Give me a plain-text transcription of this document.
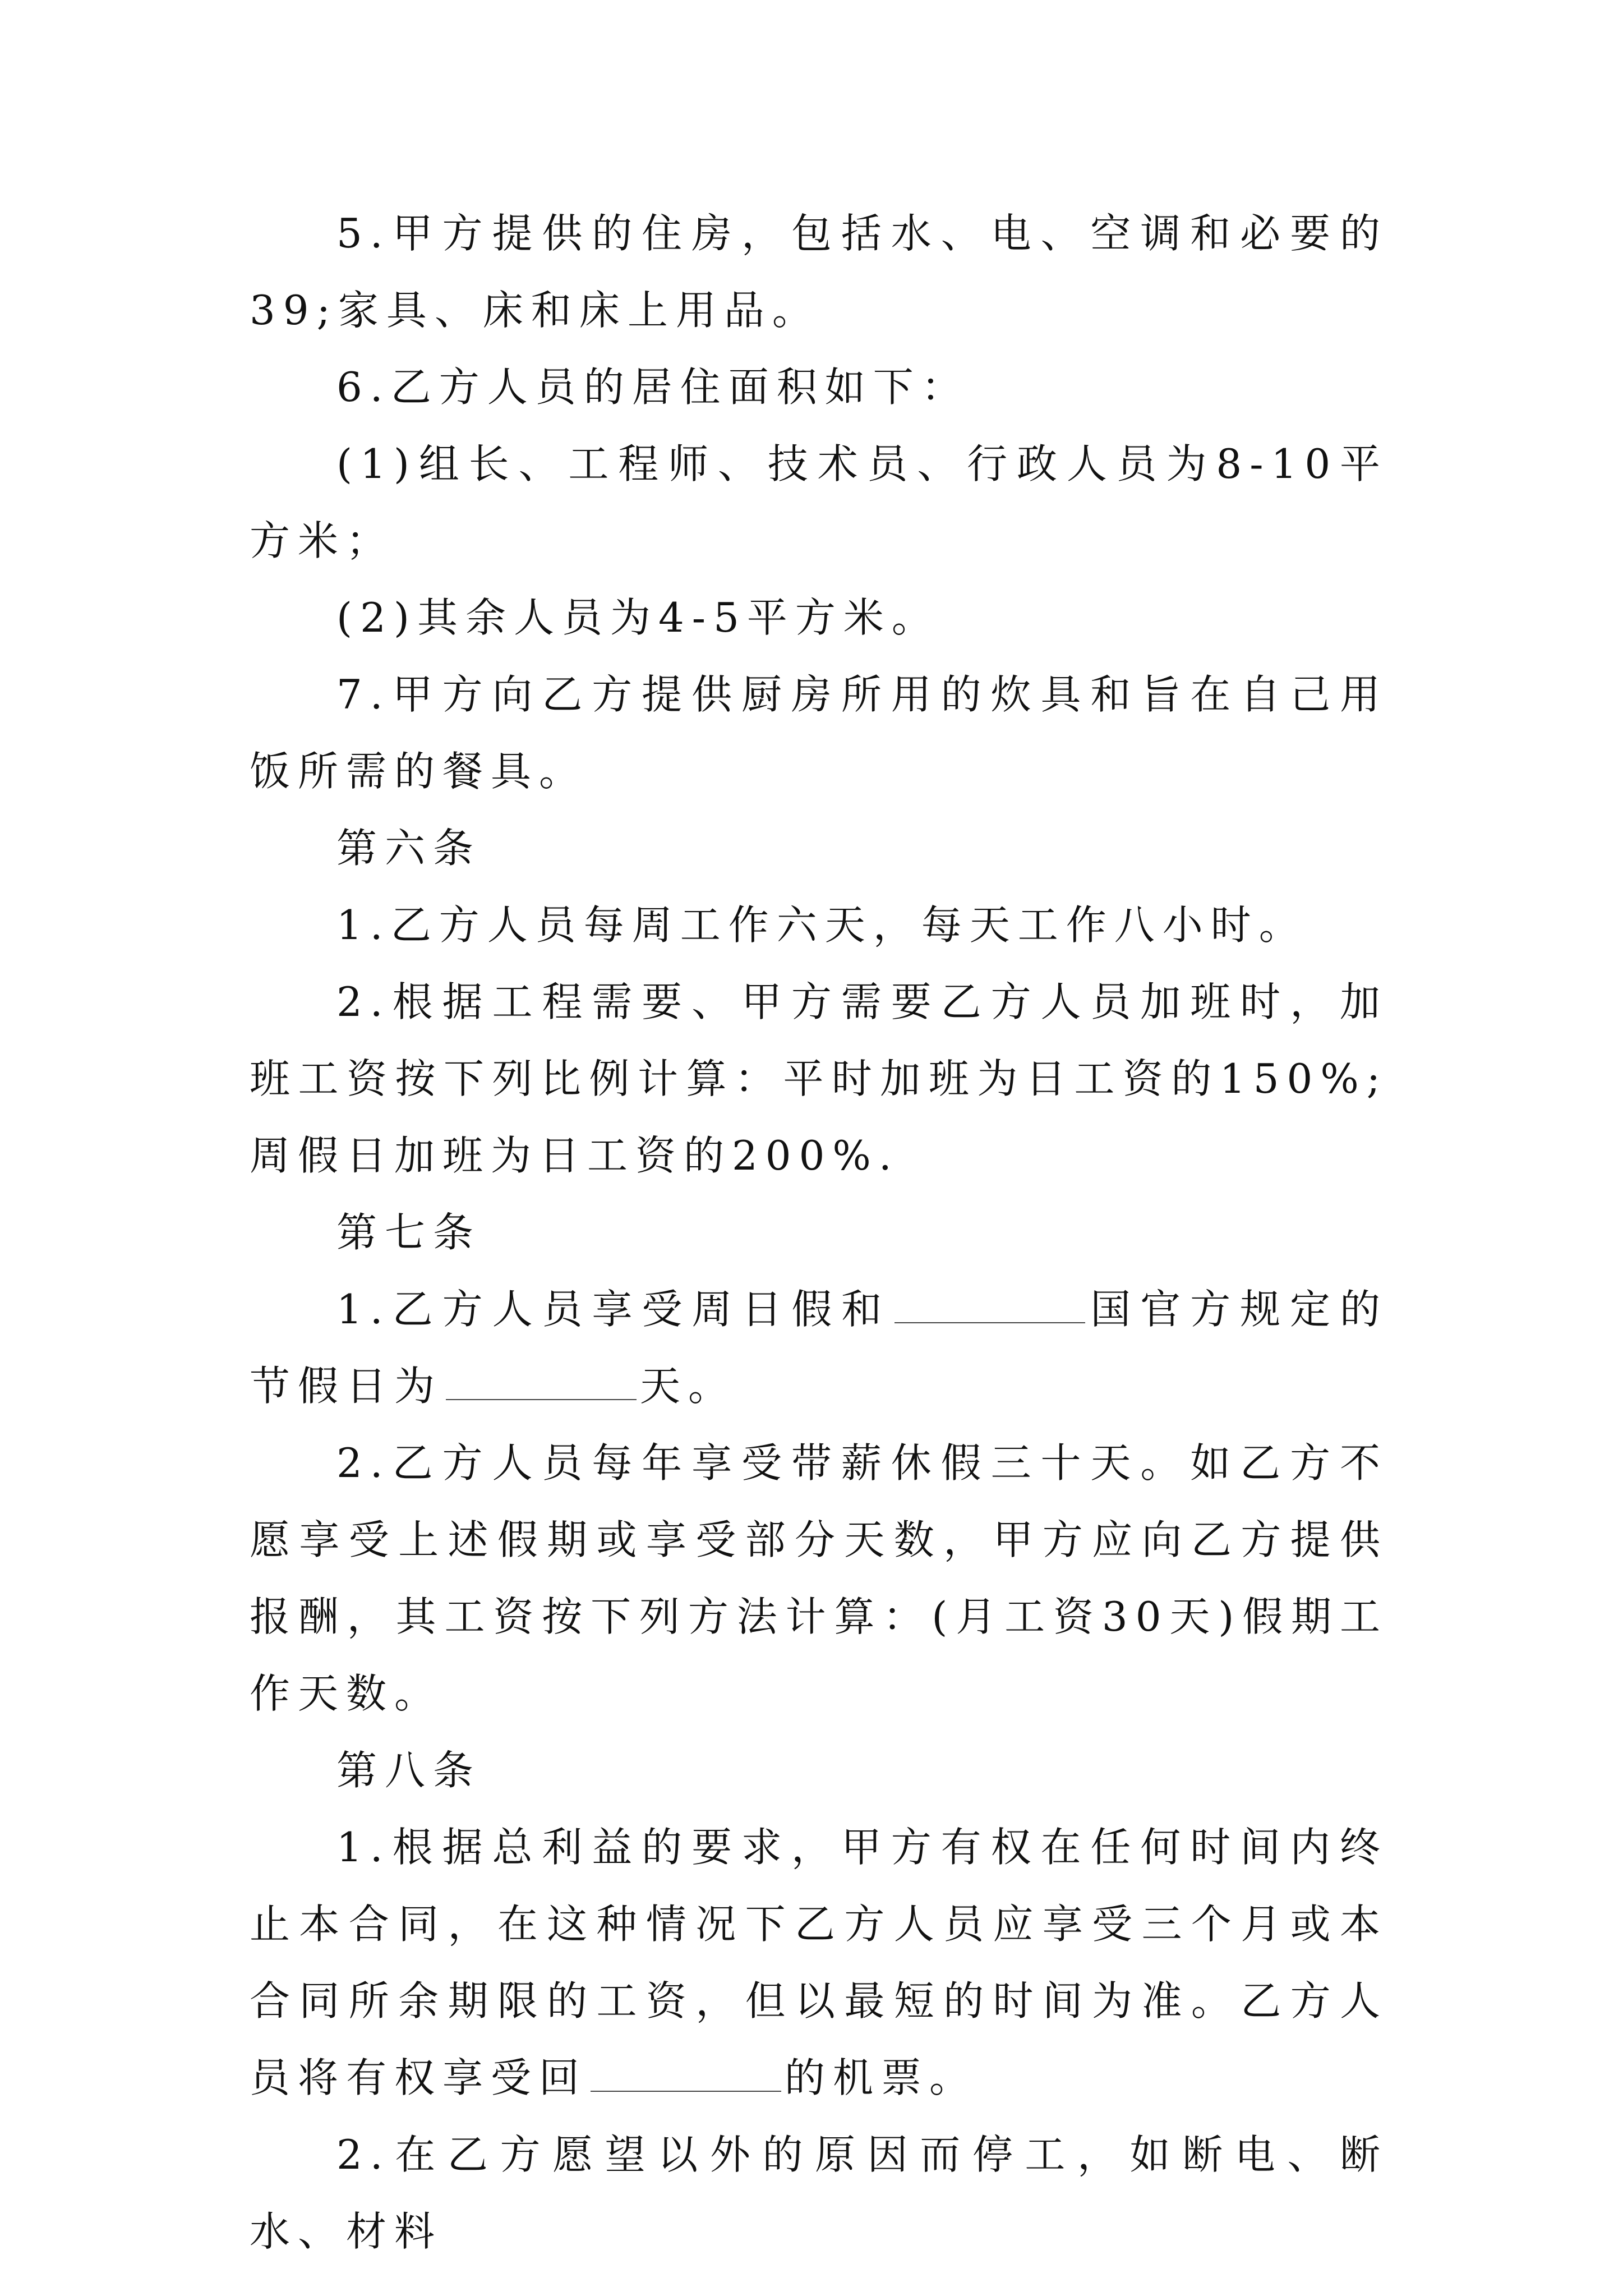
5.甲方提供的住房，包括水、电、空调和必要的39;家具、床和床上用品。

6.乙方人员的居住面积如下：

(1)组长、工程师、技术员、行政人员为8-10平方米；

(2)其余人员为4-5平方米。

7.甲方向乙方提供厨房所用的炊具和旨在自己用饭所需的餐具。

第六条

1.乙方人员每周工作六天，每天工作八小时。

2.根据工程需要、甲方需要乙方人员加班时，加班工资按下列比例计算：平时加班为日工资的150%;周假日加班为日工资的200%.

第七条

1.乙方人员享受周日假和	国官方规定的节假日为	天。

2.乙方人员每年享受带薪休假三十天。如乙方不愿享受上述假期或享受部分天数，甲方应向乙方提供报酬，其工资按下列方法计算：(月工资30天)假期工作天数。

第八条

1.根据总利益的要求，甲方有权在任何时间内终止本合同，在这种情况下乙方人员应享受三个月或本合同所余期限的工资，但以最短的时间为准。乙方人员将有权享受回	的机票。

2.在乙方愿望以外的原因而停工，如断电、断水、材料
